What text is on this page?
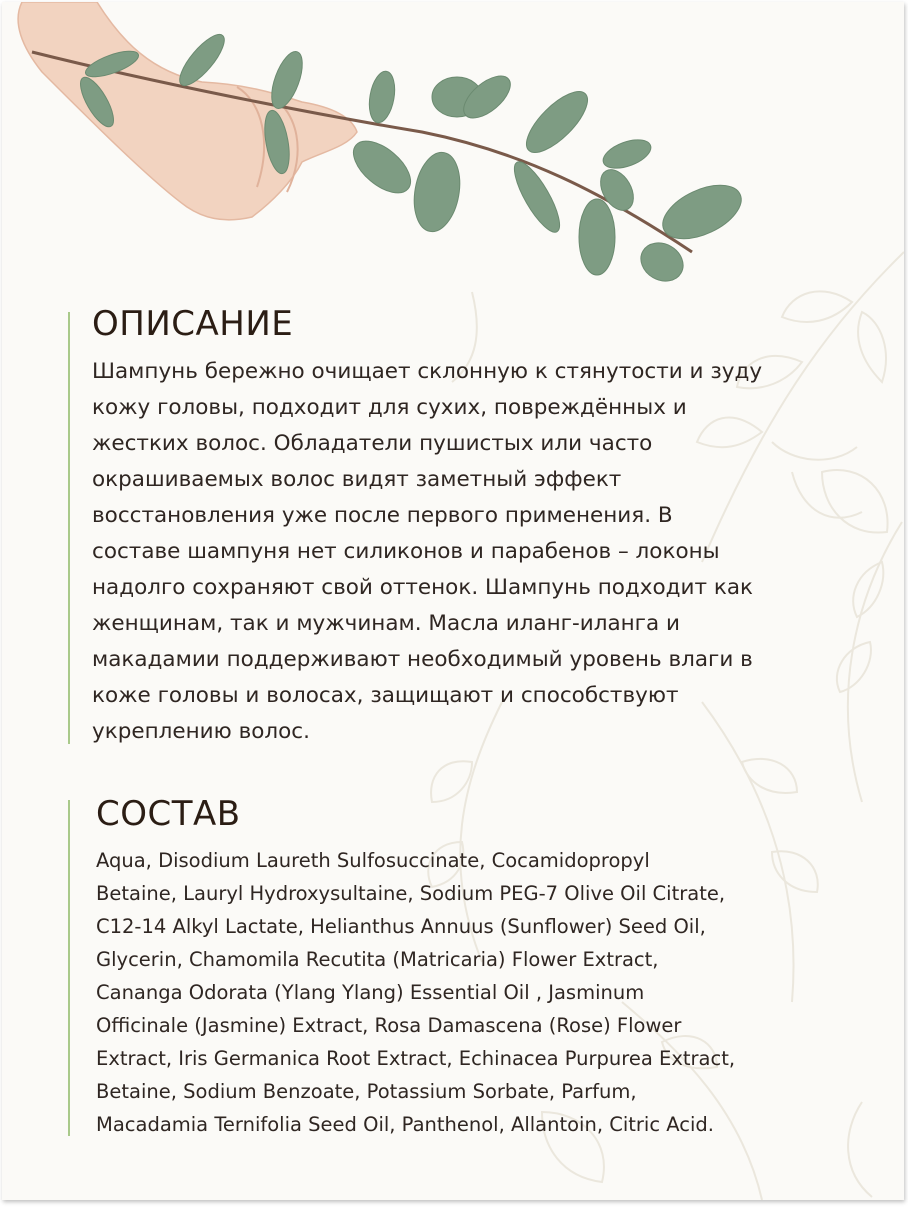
ОПИСАНИЕ
Шампунь бережно очищает склонную к стянутости и зуду
кожу головы, подходит для сухих, повреждённых и
жестких волос. Обладатели пушистых или часто
окрашиваемых волос видят заметный эффект
восстановления уже после первого применения. В
составе шампуня нет силиконов и парабенов – локоны
надолго сохраняют свой оттенок. Шампунь подходит как
женщинам, так и мужчинам. Масла иланг-иланга и
макадамии поддерживают необходимый уровень влаги в
коже головы и волосах, защищают и способствуют
укреплению волос.
СОСТАВ
Aqua, Disodium Laureth Sulfosuccinate, Cocamidopropyl
Betaine, Lauryl Hydroxysultaine, Sodium PEG-7 Olive Oil Citrate,
C12-14 Alkyl Lactate, Helianthus Annuus (Sunflower) Seed Oil,
Glycerin, Chamomila Recutita (Matricaria) Flower Extract,
Cananga Odorata (Ylang Ylang) Essential Oil , Jasminum
Officinale (Jasmine) Extract, Rosa Damascena (Rose) Flower
Extract, Iris Germanica Root Extract, Echinacea Purpurea Extract,
Betaine, Sodium Benzoate, Potassium Sorbate, Parfum,
Macadamia Ternifolia Seed Oil, Panthenol, Allantoin, Citric Acid.
